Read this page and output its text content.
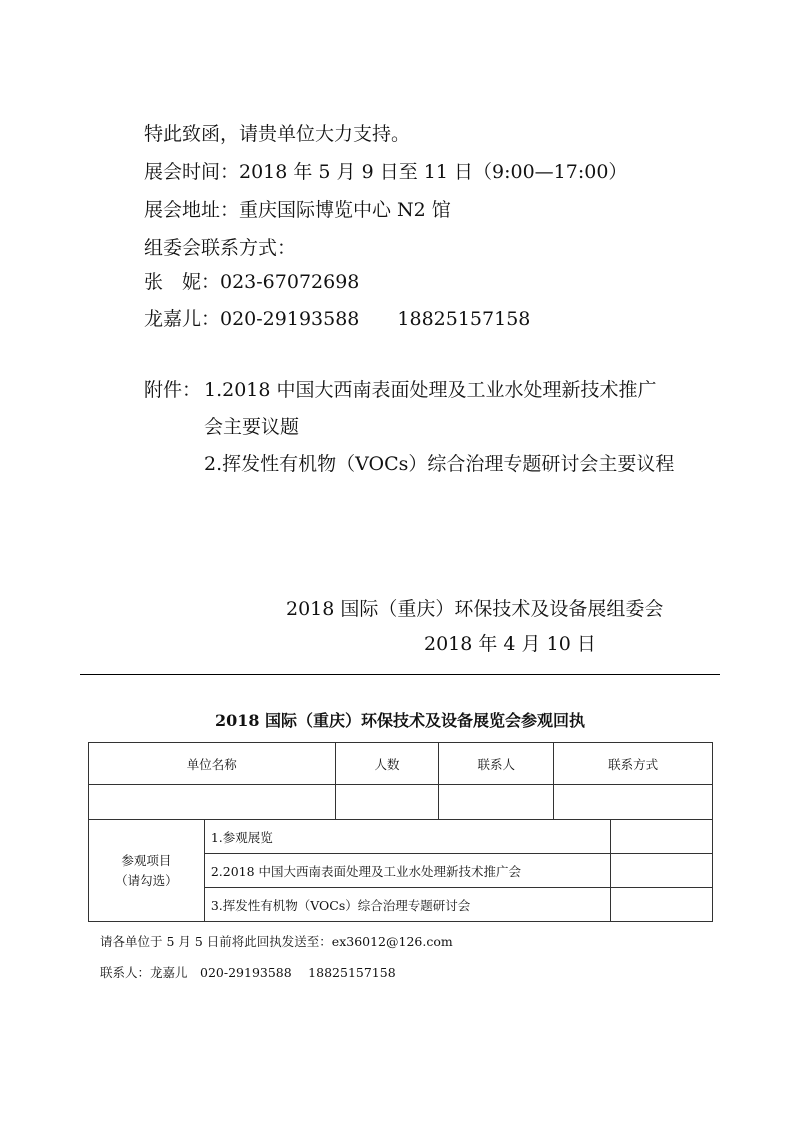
特此致函，请贵单位大力支持。
展会时间：2018 年 5 月 9 日至 11 日（9:00—17:00）
展会地址：重庆国际博览中心 N2 馆
组委会联系方式：
张　妮：023-67072698
龙嘉儿：020-29193588　　18825157158
附件： 1.2018 中国大西南表面处理及工业水处理新技术推广
会主要议题
2.挥发性有机物（VOCs）综合治理专题研讨会主要议程
2018 国际（重庆）环保技术及设备展组委会
2018 年 4 月 10 日
2018 国际（重庆）环保技术及设备展览会参观回执
单位名称	人数	联系人	联系方式

参观项目
（请勾选）	1.参观展览	
	2.2018 中国大西南表面处理及工业水处理新技术推广会	
	3.挥发性有机物（VOCs）综合治理专题研讨会	
请各单位于 5 月 5 日前将此回执发送至：ex36012@126.com
联系人：龙嘉儿　020-29193588　 18825157158
